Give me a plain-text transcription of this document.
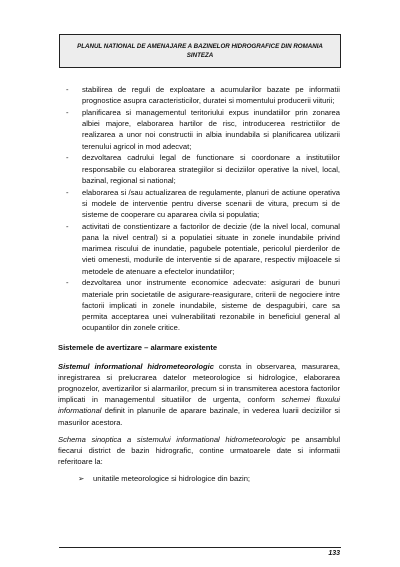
PLANUL NATIONAL DE AMENAJARE A BAZINELOR HIDROGRAFICE DIN ROMANIA
SINTEZA
- stabilirea de reguli de exploatare a acumularilor bazate pe informatii prognostice asupra caracteristicilor, duratei si momentului producerii viiturii;
- planificarea si managementul teritoriului expus inundatiilor prin zonarea albiei majore, elaborarea hartilor de risc, introducerea restrictiilor de realizarea a unor noi constructii in albia inundabila si planificarea utilizarii terenului agricol in mod adecvat;
- dezvoltarea cadrului legal de functionare si coordonare a institutiilor responsabile cu elaborarea strategiilor si deciziilor operative la nivel, local, bazinal, regional si national;
- elaborarea si /sau actualizarea de regulamente, planuri de actiune operativa si modele de interventie pentru diverse scenarii de vitura, precum si de sisteme de cooperare cu apararea civila si populatia;
- activitati de constientizare a factorilor de decizie (de la nivel local, comunal pana la nivel central) si a populatiei situate in zonele inundabile privind marimea riscului de inundatie, pagubele potentiale, pericolul pierderilor de vieti omenesti, modurile de interventie si de aparare, respectiv mijloacele si metodele de atenuare a efectelor inundatiilor;
- dezvoltarea unor instrumente economice adecvate: asigurari de bunuri materiale prin societatile de asigurare-reasigurare, criterii de negociere intre factorii implicati in zonele inundabile, sisteme de despagubiri, care sa permita acceptarea unei vulnerabilitati rezonabile in beneficiul general al ocupantilor din zonele critice.
Sistemele de avertizare – alarmare existente

Sistemul informational hidrometeorologic consta in observarea, masurarea, inregistrarea si prelucrarea datelor meteorologice si hidrologice, elaborarea prognozelor, avertizarilor si alarmarilor, precum si in transmiterea acestora factorilor implicati in managementul situatiilor de urgenta, conform schemei fluxului informational definit in planurile de aparare bazinale, in vederea luarii deciziilor si masurilor acestora.

Schema sinoptica a sistemului informational hidrometeorologic pe ansamblul fiecarui district de bazin hidrografic, contine urmatoarele date si informatii referitoare la:

➢ unitatile meteorologice si hidrologice din bazin;
133
